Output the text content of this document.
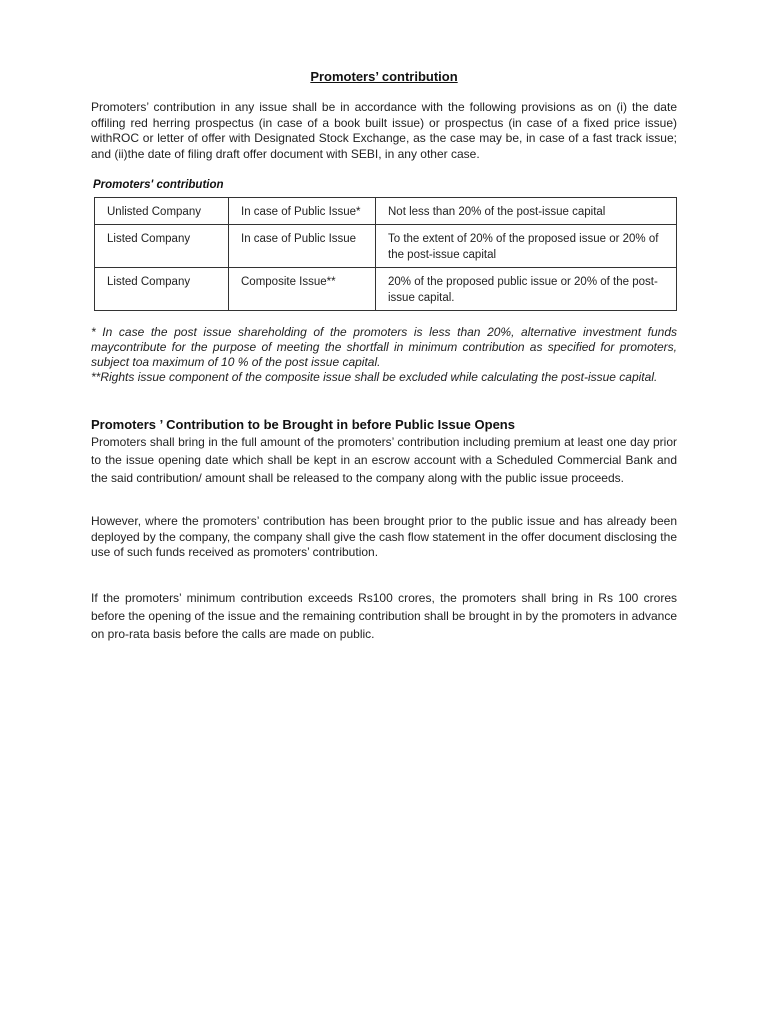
Promoters’ contribution
Promoters’ contribution in any issue shall be in accordance with the following provisions as on (i) the date offiling red herring prospectus (in case of a book built issue) or prospectus (in case of a fixed price issue) withROC or letter of offer with Designated Stock Exchange, as the case may be, in case of a fast track issue; and (ii)the date of filing draft offer document with SEBI, in any other case.
Promoters' contribution
Unlisted Company	In case of Public Issue*	Not less than 20% of the post-issue capital
Listed Company	In case of Public Issue	To the extent of 20% of the proposed issue or 20% of the post-issue capital
Listed Company	Composite Issue**	20% of the proposed public issue or 20% of the post-issue capital.

* In case the post issue shareholding of the promoters is less than 20%, alternative investment funds maycontribute for the purpose of meeting the shortfall in minimum contribution as specified for promoters, subject toa maximum of 10 % of the post issue capital.

**Rights issue component of the composite issue shall be excluded while calculating the post-issue capital.

Promoters ’ Contribution to be Brought in before Public Issue Opens
Promoters shall bring in the full amount of the promoters’ contribution including premium at least one day prior to the issue opening date which shall be kept in an escrow account with a Scheduled Commercial Bank and the said contribution/ amount shall be released to the company along with the public issue proceeds.
However, where the promoters’ contribution has been brought prior to the public issue and has already been deployed by the company, the company shall give the cash flow statement in the offer document disclosing the use of such funds received as promoters’ contribution.
If the promoters’ minimum contribution exceeds Rs100 crores, the promoters shall bring in Rs 100 crores before the opening of the issue and the remaining contribution shall be brought in by the promoters in advance on pro-rata basis before the calls are made on public.
